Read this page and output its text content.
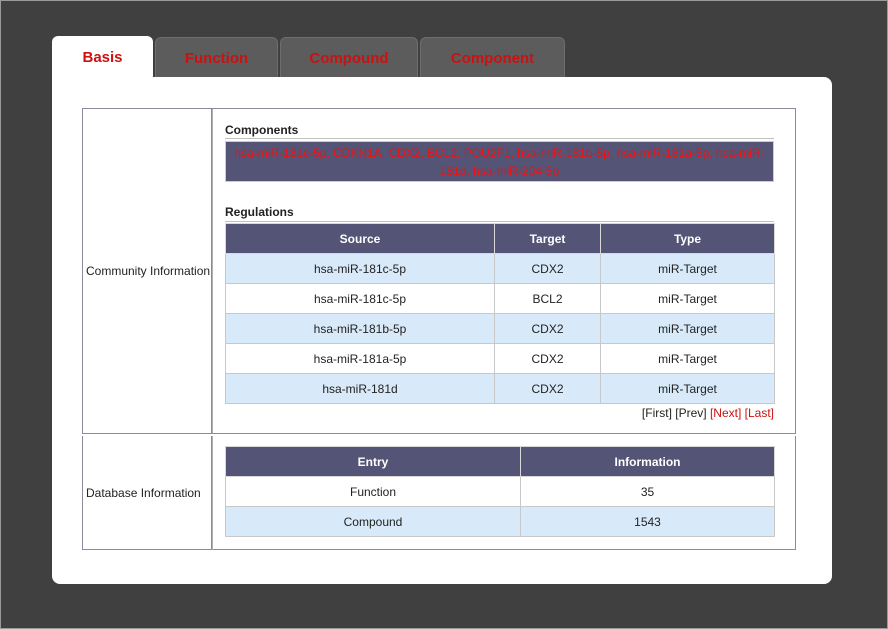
Basis	Function	Compound	Component
Community Information
Components
hsa-miR-181c-5p, CDKN1A, CDX2, BCL2, POU2F1, hsa-miR-181b-5p, hsa-miR-181a-5p, hsa-miR-181d, hsa-miR-204-5p
Regulations
Source	Target	Type
hsa-miR-181c-5p	CDX2	miR-Target
hsa-miR-181c-5p	BCL2	miR-Target
hsa-miR-181b-5p	CDX2	miR-Target
hsa-miR-181a-5p	CDX2	miR-Target
hsa-miR-181d	CDX2	miR-Target
[First] [Prev] [Next] [Last]
Database Information
Entry	Information
Function	35
Compound	1543
